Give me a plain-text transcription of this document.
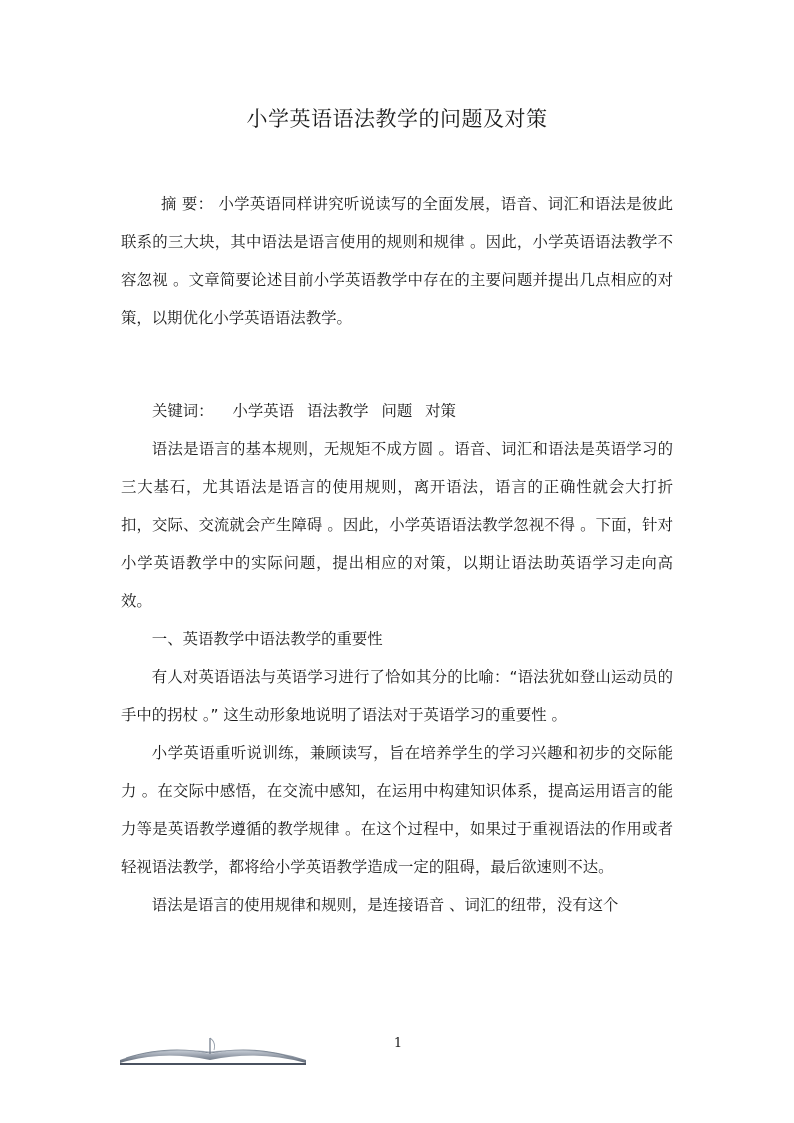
小学英语语法教学的问题及对策

摘 要： 小学英语同样讲究听说读写的全面发展，语音、词汇和语法是彼此联系的三大块，其中语法是语言使用的规则和规律 。因此，小学英语语法教学不容忽视 。文章简要论述目前小学英语教学中存在的主要问题并提出几点相应的对策，以期优化小学英语语法教学。

关键词： 小学英语 语法教学 问题 对策

语法是语言的基本规则，无规矩不成方圆 。语音、词汇和语法是英语学习的三大基石，尤其语法是语言的使用规则，离开语法，语言的正确性就会大打折扣，交际、交流就会产生障碍 。因此，小学英语语法教学忽视不得 。下面，针对小学英语教学中的实际问题，提出相应的对策，以期让语法助英语学习走向高效。

一、英语教学中语法教学的重要性

有人对英语语法与英语学习进行了恰如其分的比喻：“语法犹如登山运动员的手中的拐杖 。” 这生动形象地说明了语法对于英语学习的重要性 。

小学英语重听说训练，兼顾读写，旨在培养学生的学习兴趣和初步的交际能力 。在交际中感悟，在交流中感知，在运用中构建知识体系，提高运用语言的能力等是英语教学遵循的教学规律 。在这个过程中，如果过于重视语法的作用或者轻视语法教学，都将给小学英语教学造成一定的阻碍，最后欲速则不达。

语法是语言的使用规律和规则，是连接语音 、词汇的纽带，没有这个

1
